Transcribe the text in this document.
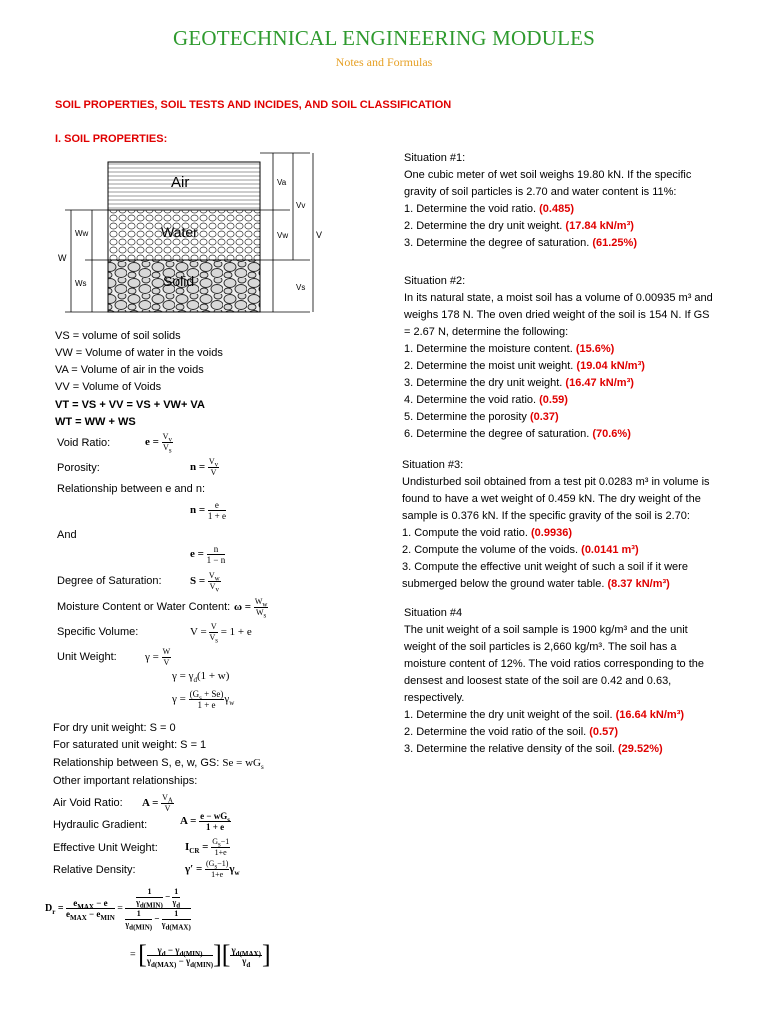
GEOTECHNICAL ENGINEERING MODULES
Notes and Formulas
SOIL PROPERTIES, SOIL TESTS AND INCIDES, AND SOIL CLASSIFICATION
I. SOIL PROPERTIES:
Air
Water
Solid
Va
Vv
Vw	V
Vs
Ww
W
Ws
VS = volume of soil solids
VW = Volume of water in the voids
VA = Volume of air in the voids
VV = Volume of Voids
VT = VS + VV = VS + VW+ VA
WT = WW + WS
Void Ratio:	$e = \frac{V_v}{V_s}$
Porosity:	$n = \frac{V_v}{V}$
Relationship between e and n:
$n = \frac{e}{1 + e}$
And
$e = \frac{n}{1 - n}$
Degree of Saturation:	$S = \frac{V_w}{V_v}$
Moisture Content or Water Content: $\omega = \frac{W_w}{W_s}$
Specific Volume:	$V = \frac{V}{V_s} = 1 + e$
Unit Weight:	$\gamma = \frac{W}{V}$
$\gamma = \gamma_d(1 + w)$
$\gamma = \frac{(G_s + Se)}{1 + e} \gamma_w$
For dry unit weight: S = 0
For saturated unit weight: S = 1
Relationship between S, e, w, GS: $Se = wG_s$
Other important relationships:
Air Void Ratio: $A = \frac{V_A}{V}$
Hydraulic Gradient:	$A = \frac{e - wG_s}{1 + e}$
Effective Unit Weight: $I_{CR} = \frac{G_s-1}{1+e}$
Relative Density:	$\gamma' = \frac{(G_s-1)}{1+e} \gamma_w$
$D_r = \frac{e_{MAX} - e}{e_{MAX} - e_{MIN}} = \frac{\frac{1}{\gamma_{d(MIN)}} - \frac{1}{\gamma_d}}{\frac{1}{\gamma_{d(MIN)}} - \frac{1}{\gamma_{d(MAX)}}}$
= [ $\frac{\gamma_d - \gamma_{d(MIN)}}{\gamma_{d(MAX)} - \gamma_{d(MIN)}}$ ][ $\frac{\gamma_{d(MAX)}}{\gamma_d}$ ]
Situation #1:
One cubic meter of wet soil weighs 19.80 kN. If the specific
gravity of soil particles is 2.70 and water content is 11%:
1. Determine the void ratio. (0.485)
2. Determine the dry unit weight. (17.84 kN/m³)
3. Determine the degree of saturation. (61.25%)
Situation #2:
In its natural state, a moist soil has a volume of 0.00935 m³ and
weighs 178 N. The oven dried weight of the soil is 154 N. If GS
= 2.67 N, determine the following:
1. Determine the moisture content. (15.6%)
2. Determine the moist unit weight. (19.04 kN/m³)
3. Determine the dry unit weight. (16.47 kN/m³)
4. Determine the void ratio. (0.59)
5. Determine the porosity (0.37)
6. Determine the degree of saturation. (70.6%)
Situation #3:
Undisturbed soil obtained from a test pit 0.0283 m³ in volume is
found to have a wet weight of 0.459 kN. The dry weight of the
sample is 0.376 kN. If the specific gravity of the soil is 2.70:
1. Compute the void ratio. (0.9936)
2. Compute the volume of the voids. (0.0141 m³)
3. Compute the effective unit weight of such a soil if it were
submerged below the ground water table. (8.37 kN/m³)
Situation #4
The unit weight of a soil sample is 1900 kg/m³ and the unit
weight of the soil particles is 2,660 kg/m³. The soil has a
moisture content of 12%. The void ratios corresponding to the
densest and loosest state of the soil are 0.42 and 0.63,
respectively.
1. Determine the dry unit weight of the soil. (16.64 kN/m³)
2. Determine the void ratio of the soil. (0.57)
3. Determine the relative density of the soil. (29.52%)
